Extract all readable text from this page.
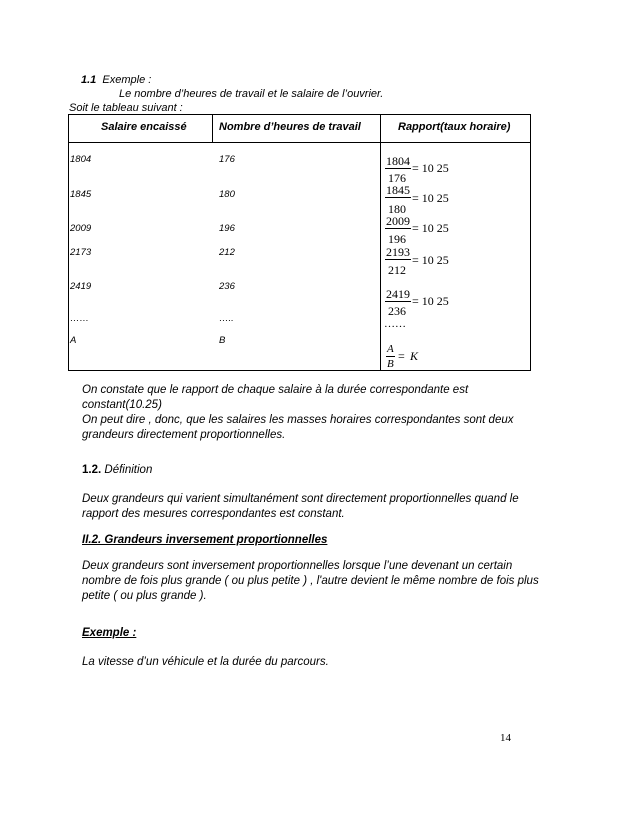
1.1 Exemple :
Le nombre d’heures de travail et le salaire de l’ouvrier.
Soit le tableau suivant :
Salaire encaissé	Nombre d’heures de travail	Rapport(taux horaire)
1804
1845
2009
2173
2419
……
A
176
180
196
212
236
…..
B
1804 = 10 25
176
1845
= 10 25
180
2009 = 10 25
196
2193
= 10 25
212
2419 = 10 25
236
……
A = K
B
On constate que le rapport de chaque salaire à la durée correspondante est
constant(10.25)
On peut dire , donc, que les salaires les masses horaires correspondantes sont deux
grandeurs directement proportionnelles.
1.2. Définition
Deux grandeurs qui varient simultanément sont directement proportionnelles quand le
rapport des mesures correspondantes est constant.
II.2. Grandeurs inversement proportionnelles
Deux grandeurs sont inversement proportionnelles lorsque l’une devenant un certain
nombre de fois plus grande ( ou plus petite ) , l'autre devient le même nombre de fois plus
petite ( ou plus grande ).
Exemple :
La vitesse d’un véhicule et la durée du parcours.
14
